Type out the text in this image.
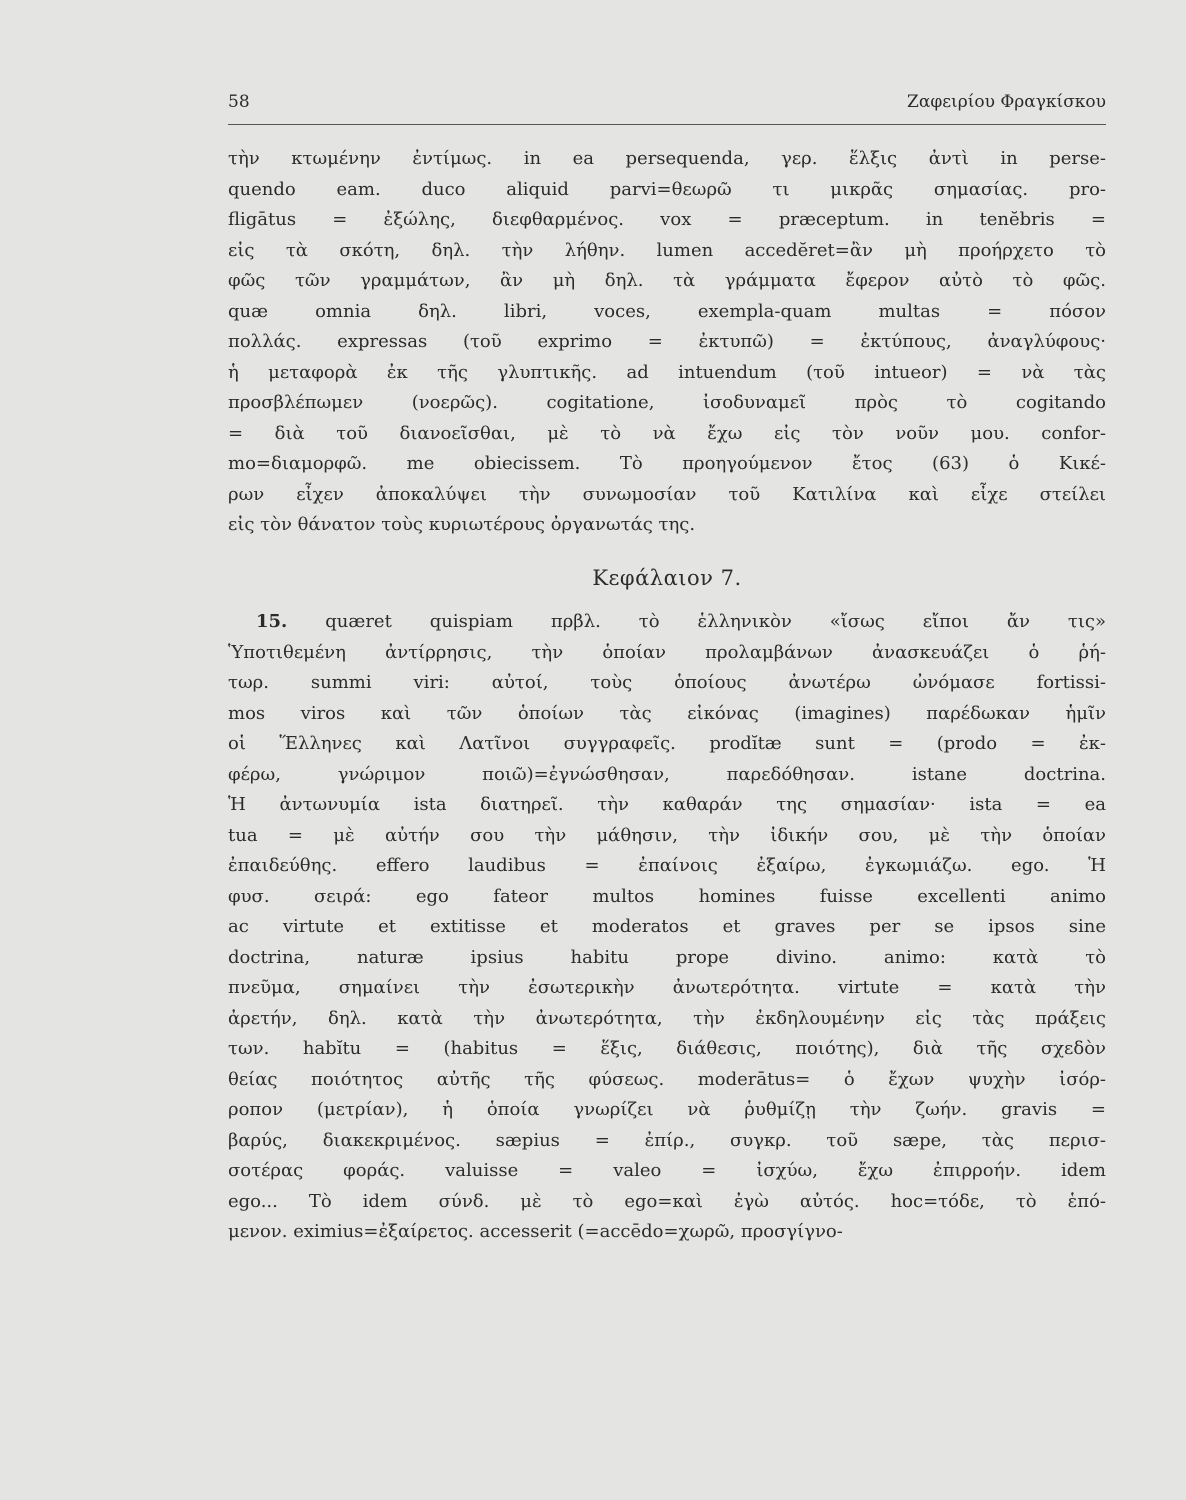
58	Ζαφειρίου Φραγκίσκου
τὴν κτωμένην ἐντίμως. in ea persequenda, γερ. ἕλξις ἀντὶ in perse-
quendo eam. duco aliquid parvi=θεωρῶ τι μικρᾶς σημασίας. pro-
fligātus = ἐξώλης, διεφθαρμένος. vox = præceptum. in tenĕbris =
εἰς τὰ σκότη, δηλ. τὴν λήθην. lumen accedĕret=ἂν μὴ προήρχετο τὸ
φῶς τῶν γραμμάτων, ἂν μὴ δηλ. τὰ γράμματα ἔφερον αὐτὸ τὸ φῶς.
quæ omnia δηλ. libri, voces, exempla-quam multas = πόσον
πολλάς. expressas (τοῦ exprimo = ἐκτυπῶ) = ἐκτύπους, ἀναγλύφους·
ἡ μεταφορὰ ἐκ τῆς γλυπτικῆς. ad intuendum (τοῦ intueor) = νὰ τὰς
προσβλέπωμεν (νοερῶς). cogitatione, ἰσοδυναμεῖ πρὸς τὸ cogitando
= διὰ τοῦ διανοεῖσθαι, μὲ τὸ νὰ ἔχω εἰς τὸν νοῦν μου. confor-
mo=διαμορφῶ. me obiecissem. Τὸ προηγούμενον ἔτος (63) ὁ Κικέ-
ρων εἶχεν ἀποκαλύψει τὴν συνωμοσίαν τοῦ Κατιλίνα καὶ εἶχε στείλει
εἰς τὸν θάνατον τοὺς κυριωτέρους ὀργανωτάς της.
Κεφάλαιον 7.
15. quæret quispiam πρβλ. τὸ ἑλληνικὸν «ἴσως εἴποι ἄν τις»
Ὑποτιθεμένη ἀντίρρησις, τὴν ὁποίαν προλαμβάνων ἀνασκευάζει ὁ ῥή-
τωρ. summi viri: αὐτοί, τοὺς ὁποίους ἀνωτέρω ὠνόμασε fortissi-
mos viros καὶ τῶν ὁποίων τὰς εἰκόνας (imagines) παρέδωκαν ἡμῖν
οἱ Ἕλληνες καὶ Λατῖνοι συγγραφεῖς. prodĭtæ sunt = (prodo = ἐκ-
φέρω, γνώριμον ποιῶ)=ἐγνώσθησαν, παρεδόθησαν. istane doctrina.
Ἡ ἀντωνυμία ista διατηρεῖ. τὴν καθαράν της σημασίαν· ista = ea
tua = μὲ αὐτήν σου τὴν μάθησιν, τὴν ἰδικήν σου, μὲ τὴν ὁποίαν
ἐπαιδεύθης. effero laudibus = ἐπαίνοις ἐξαίρω, ἐγκωμιάζω. ego. Ἡ
φυσ. σειρά: ego fateor multos homines fuisse excellenti animo
ac virtute et extitisse et moderatos et graves per se ipsos sine
doctrina, naturæ ipsius habitu prope divino. animo: κατὰ τὸ
πνεῦμα, σημαίνει τὴν ἐσωτερικὴν ἀνωτερότητα. virtute = κατὰ τὴν
ἀρετήν, δηλ. κατὰ τὴν ἀνωτερότητα, τὴν ἐκδηλουμένην εἰς τὰς πράξεις
των. habĭtu = (habitus = ἕξις, διάθεσις, ποιότης), διὰ τῆς σχεδὸν
θείας ποιότητος αὐτῆς τῆς φύσεως. moderātus= ὁ ἔχων ψυχὴν ἰσόρ-
ροπον (μετρίαν), ἡ ὁποία γνωρίζει νὰ ῥυθμίζῃ τὴν ζωήν. gravis =
βαρύς, διακεκριμένος. sæpius = ἐπίρ., συγκρ. τοῦ sæpe, τὰς περισ-
σοτέρας φοράς. valuisse = valeo = ἰσχύω, ἔχω ἐπιρροήν. idem
ego... Τὸ idem σύνδ. μὲ τὸ ego=καὶ ἐγὼ αὐτός. hoc=τόδε, τὸ ἑπό-
μενον. eximius=ἐξαίρετος. accesserit (=accēdo=χωρῶ, προσγίγνο-
